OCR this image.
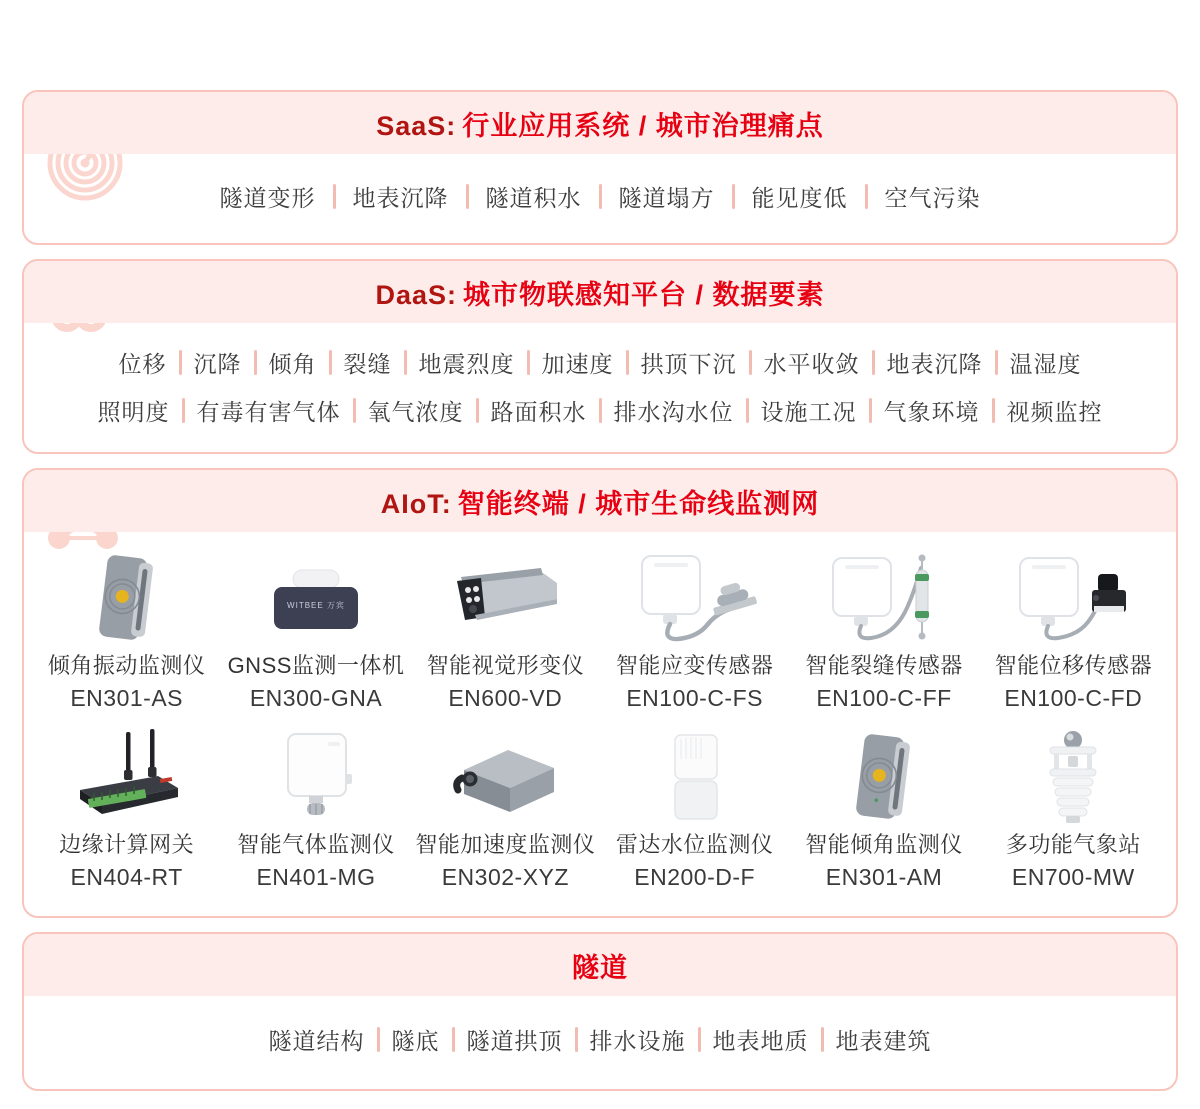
SaaS: 行业应用系统 / 城市治理痛点
隧道变形 地表沉降 隧道积水 隧道塌方 能见度低 空气污染
DaaS: 城市物联感知平台 / 数据要素
位移 沉降 倾角 裂缝 地震烈度 加速度 拱顶下沉 水平收敛 地表沉降 温湿度
照明度 有毒有害气体 氧气浓度 路面积水 排水沟水位 设施工况 气象环境 视频监控
AIoT: 智能终端 / 城市生命线监测网
倾角振动监测仪
EN301-AS
WITBEE 万宾
GNSS监测一体机
EN300-GNA
智能视觉形变仪
EN600-VD
智能应变传感器
EN100-C-FS
智能裂缝传感器
EN100-C-FF
智能位移传感器
EN100-C-FD
边缘计算网关
EN404-RT
智能气体监测仪
EN401-MG
智能加速度监测仪
EN302-XYZ
雷达水位监测仪
EN200-D-F
智能倾角监测仪
EN301-AM
多功能气象站
EN700-MW
隧道
隧道结构 隧底 隧道拱顶 排水设施 地表地质 地表建筑
